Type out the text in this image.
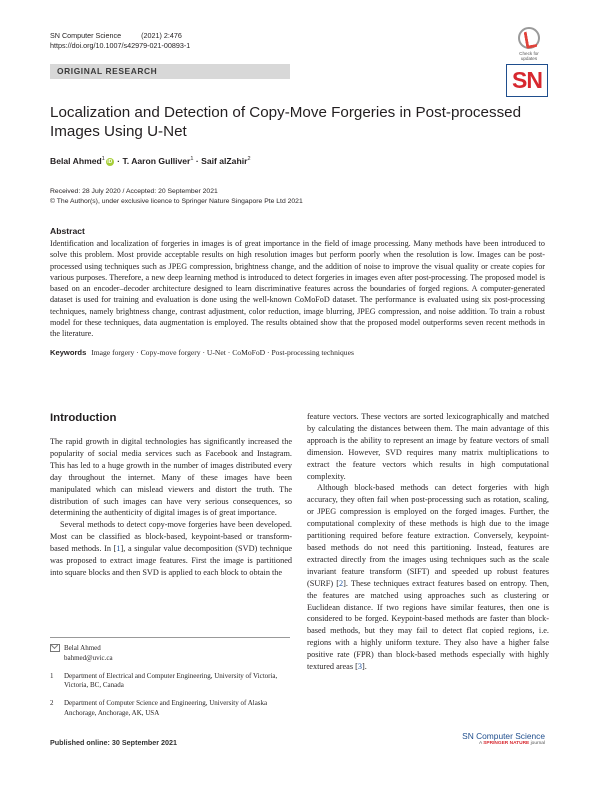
SN Computer Science	(2021) 2:476
https://doi.org/10.1007/s42979-021-00893-1
Check for updates
ORIGINAL RESEARCH	SN
Localization and Detection of Copy-Move Forgeries in Post-processed Images Using U-Net
Belal Ahmed$^1$ iD · T. Aaron Gulliver$^1$ · Saif alZahir$^2$
Received: 28 July 2020 / Accepted: 20 September 2021
© The Author(s), under exclusive licence to Springer Nature Singapore Pte Ltd 2021
Abstract
Identification and localization of forgeries in images is of great importance in the field of image processing. Many methods have been introduced to solve this problem. Most provide acceptable results on high resolution images but perform poorly when the resolution is low. Images can be post-processed using techniques such as JPEG compression, brightness change, and the addition of noise to improve the visual quality or create copies for various purposes. Therefore, a new deep learning method is introduced to detect forgeries in images even after post-processing. The proposed model is based on an encoder–decoder architecture designed to learn discriminative features across the boundaries of forged regions. A computer-generated dataset is used for training and evaluation is done using the well-known CoMoFoD dataset. The performance is evaluated using six post-processing techniques, namely brightness change, contrast adjustment, color reduction, image blurring, JPEG compression, and noise addition. To train a robust model for these techniques, data augmentation is employed. The results obtained show that the proposed model outperforms seven recent methods in the literature.
Keywords Image forgery · Copy-move forgery · U-Net · CoMoFoD · Post-processing techniques
Introduction

The rapid growth in digital technologies has significantly increased the popularity of social media services such as Facebook and Instagram. This has led to a huge growth in the number of images distributed every day throughout the internet. Many of these images have been manipulated which can mislead viewers and distort the truth. The distribution of such images can have very serious consequences, so determining the authenticity of digital images is of great importance.

Several methods to detect copy-move forgeries have been developed. Most can be classified as block-based, keypoint-based or transform-based methods. In [1], a singular value decomposition (SVD) technique was proposed to extract image features. First the image is partitioned into square blocks and then SVD is applied to each block to obtain the

feature vectors. These vectors are sorted lexicographically and matched by calculating the distances between them. The main advantage of this approach is the ability to represent an image by feature vectors of small dimension. However, SVD requires many matrix multiplications to extract the feature vectors which results in high computational complexity.

Although block-based methods can detect forgeries with high accuracy, they often fail when post-processing such as rotation, scaling, or JPEG compression is employed on the forged images. Further, the computational complexity of these methods is high due to the image partitioning required before feature extraction. Conversely, keypoint-based methods do not need this partitioning. Instead, features are extracted directly from the images using techniques such as the scale invariant feature transform (SIFT) and speeded up robust features (SURF) [2]. These techniques extract features based on entropy. Then, the features are matched using approaches such as clustering or Euclidean distance. If two regions have similar features, then one is considered to be forged. Keypoint-based methods are faster than block-based methods, but they may fail to detect flat copied regions, i.e. regions with a highly uniform texture. They also have a higher false positive rate (FPR) than block-based methods especially with highly textured areas [3].

Belal Ahmed
bahmed@uvic.ca
1 Department of Electrical and Computer Engineering, University of Victoria, Victoria, BC, Canada
2 Department of Computer Science and Engineering, University of Alaska Anchorage, Anchorage, AK, USA
Published online: 30 September 2021
SN Computer Science
A SPRINGER NATURE journal
